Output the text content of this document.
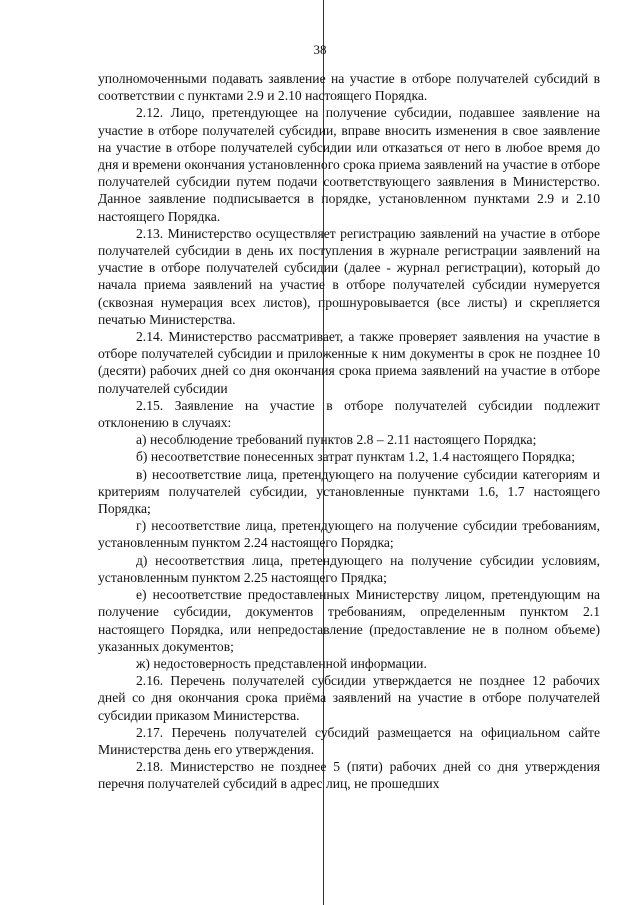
38

уполномоченными подавать заявление на участие в отборе получателей субсидий в соответствии с пунктами 2.9 и 2.10 настоящего Порядка.

2.12. Лицо, претендующее на получение субсидии, подавшее заявление на участие в отборе получателей субсидии, вправе вносить изменения в свое заявление на участие в отборе получателей субсидии или отказаться от него в любое время до дня и времени окончания установленного срока приема заявлений на участие в отборе получателей субсидии путем подачи соответствующего заявления в Министерство. Данное заявление подписывается в порядке, установленном пунктами 2.9 и 2.10 настоящего Порядка.

2.13. Министерство осуществляет регистрацию заявлений на участие в отборе получателей субсидии в день их поступления в журнале регистрации заявлений на участие в отборе получателей субсидии (далее - журнал регистрации), который до начала приема заявлений на участие в отборе получателей субсидии нумеруется (сквозная нумерация всех листов), прошнуровывается (все листы) и скрепляется печатью Министерства.

2.14. Министерство рассматривает, а также проверяет заявления на участие в отборе получателей субсидии и приложенные к ним документы в срок не позднее 10 (десяти) рабочих дней со дня окончания срока приема заявлений на участие в отборе получателей субсидии

2.15. Заявление на участие в отборе получателей субсидии подлежит отклонению в случаях:

а) несоблюдение требований пунктов 2.8 – 2.11 настоящего Порядка;

б) несоответствие понесенных затрат пунктам 1.2, 1.4 настоящего Порядка;

в) несоответствие лица, претендующего на получение субсидии категориям и критериям получателей субсидии, установленные пунктами 1.6, 1.7 настоящего Порядка;

г) несоответствие лица, претендующего на получение субсидии требованиям, установленным пунктом 2.24 настоящего Порядка;

д) несоответствия лица, претендующего на получение субсидии условиям, установленным пунктом 2.25 настоящего Прядка;

е) несоответствие предоставленных Министерству лицом, претендующим на получение субсидии, документов требованиям, определенным пунктом 2.1 настоящего Порядка, или непредоставление (предоставление не в полном объеме) указанных документов;

ж) недостоверность представленной информации.

2.16. Перечень получателей субсидии утверждается не позднее 12 рабочих дней со дня окончания срока приёма заявлений на участие в отборе получателей субсидии приказом Министерства.

2.17. Перечень получателей субсидий размещается на официальном сайте Министерства день его утверждения.

2.18. Министерство не позднее 5 (пяти) рабочих дней со дня утверждения перечня получателей субсидий в адрес лиц, не прошедших
